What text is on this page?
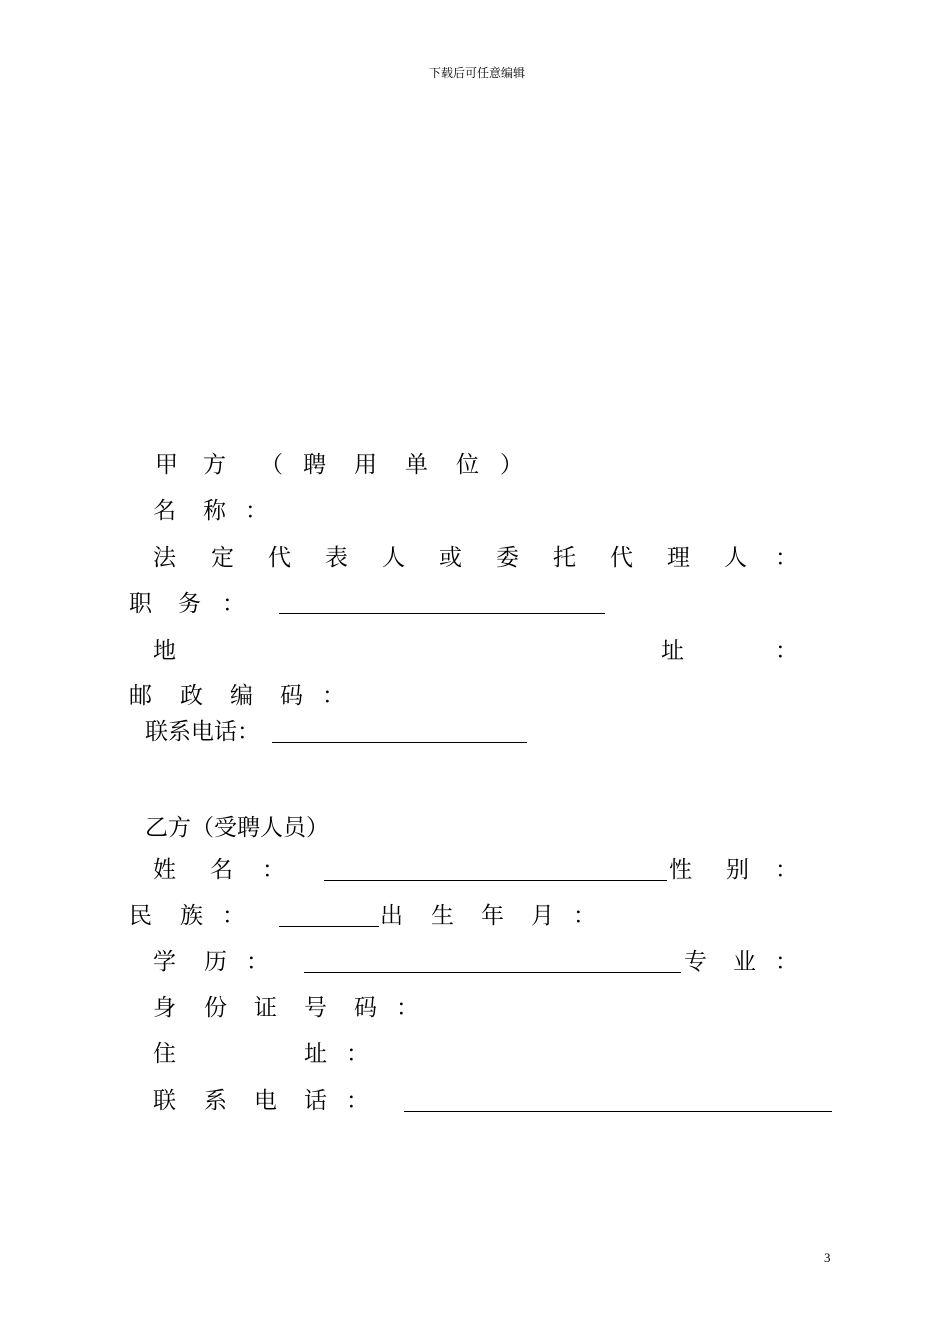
下载后可任意编辑
甲 方 （ 聘 用 单 位 ）
名 称 ：
法 定 代 表 人 或 委 托 代 理 人 ：
职 务 ：
地	址	：
邮 政 编 码 ：
联系电话：
乙方（受聘人员）
姓 名 ：	性 别 ：
民 族 ：	出 生 年 月 ：
学 历 ：	专 业 ：
身 份 证 号 码 ：
住	址 ：
联 系 电 话 ：
3
